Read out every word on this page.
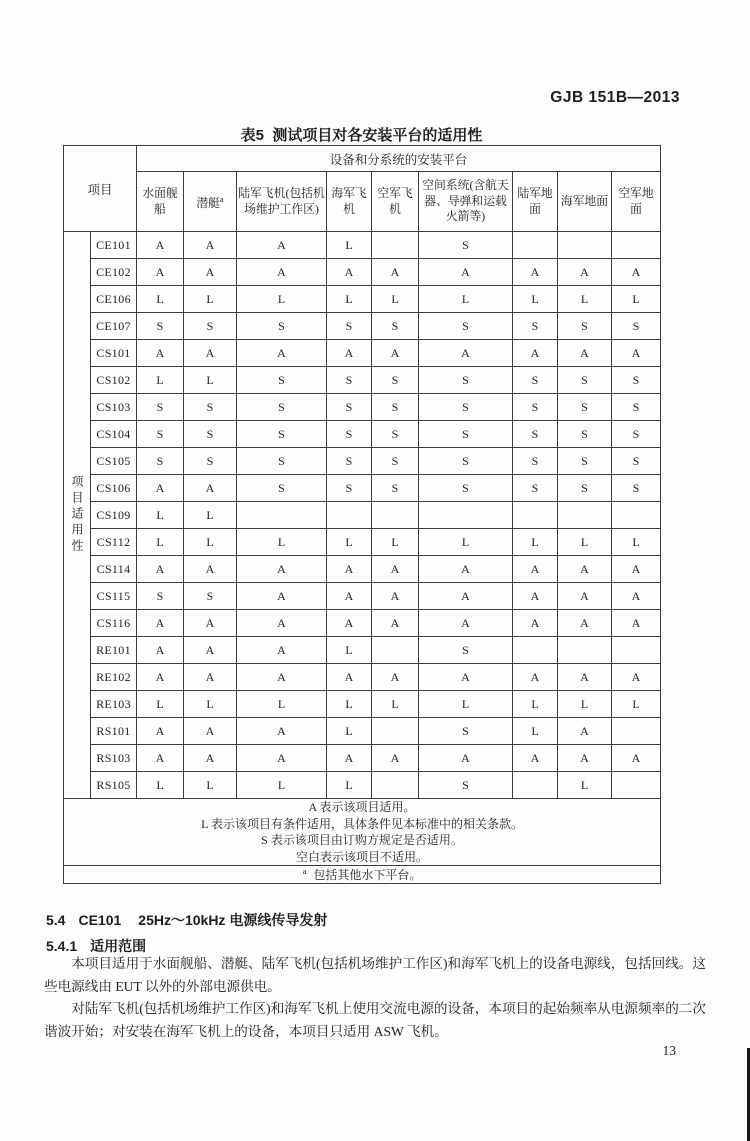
GJB 151B—2013
表5  测试项目对各安装平台的适用性
项目		设备和分系统的安装平台								
		水面舰船	潜艇$^a$	陆军飞机(包括机场维护工作区)	海军飞机	空军飞机	空间系统(含航天器、导弹和运载火箭等)	陆军地面	海军地面	空军地面

项目适用性	CE101	A	A	A	L		S			
	CE102	A	A	A	A	A	A	A	A	A
	CE106	L	L	L	L	L	L	L	L	L
	CE107	S	S	S	S	S	S	S	S	S
	CS101	A	A	A	A	A	A	A	A	A
	CS102	L	L	S	S	S	S	S	S	S
	CS103	S	S	S	S	S	S	S	S	S
	CS104	S	S	S	S	S	S	S	S	S
	CS105	S	S	S	S	S	S	S	S	S
	CS106	A	A	S	S	S	S	S	S	S
	CS109	L	L							
	CS112	L	L	L	L	L	L	L	L	L
	CS114	A	A	A	A	A	A	A	A	A
	CS115	S	S	A	A	A	A	A	A	A
	CS116	A	A	A	A	A	A	A	A	A
	RE101	A	A	A	L		S			
	RE102	A	A	A	A	A	A	A	A	A
	RE103	L	L	L	L	L	L	L	L	L
	RS101	A	A	A	L		S	L	A	
	RS103	A	A	A	A	A	A	A	A	A
	RS105	L	L	L	L		S		L	

A 表示该项目适用。
L 表示该项目有条件适用，具体条件见本标准中的相关条款。
S 表示该项目由订购方规定是否适用。
空白表示该项目不适用。										

$^a$ 包括其他水下平台。										
5.4 CE101 25Hz～10kHz 电源线传导发射
5.4.1 适用范围

本项目适用于水面舰船、潜艇、陆军飞机(包括机场维护工作区)和海军飞机上的设备电源线，包括回线。这些电源线由 EUT 以外的外部电源供电。

对陆军飞机(包括机场维护工作区)和海军飞机上使用交流电源的设备，本项目的起始频率从电源频率的二次谐波开始；对安装在海军飞机上的设备，本项目只适用 ASW 飞机。

13
